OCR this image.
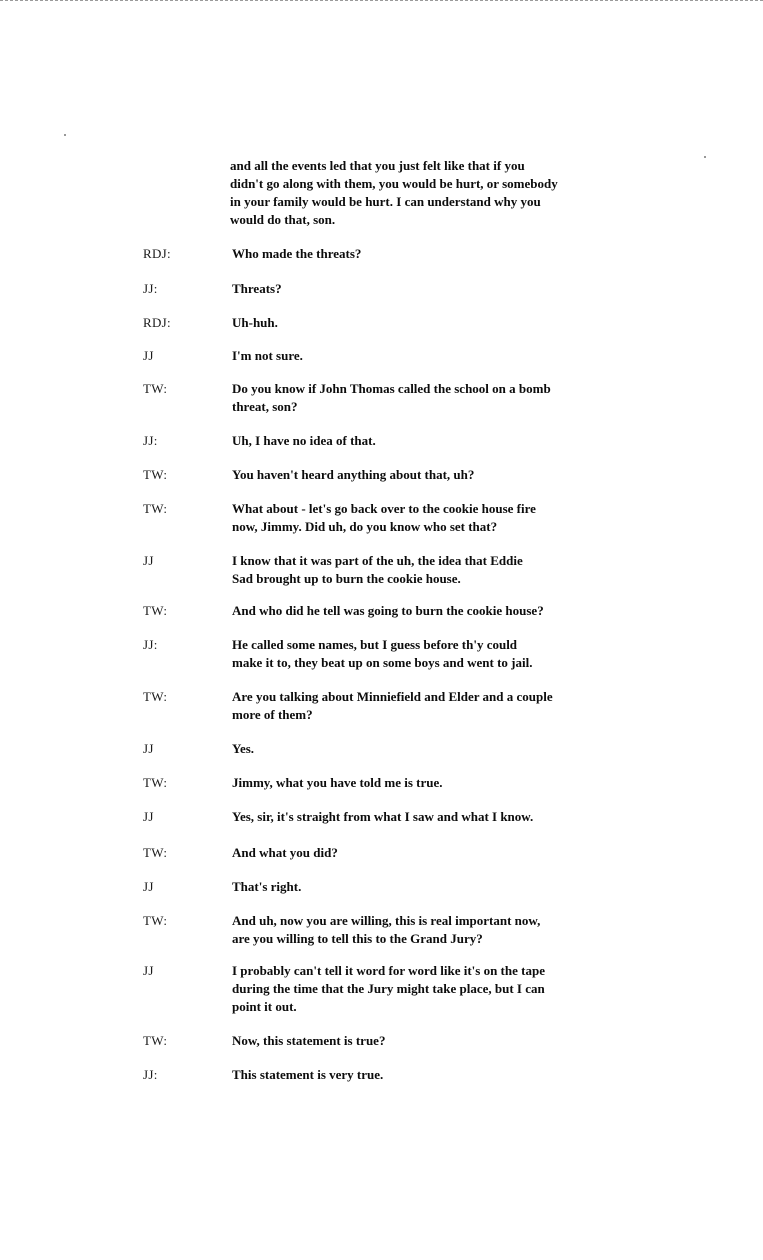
and all the events led that you just felt like that if you
didn't go along with them, you would be hurt, or somebody
in your family would be hurt. I can understand why you
would do that, son.

RDJ:	Who made the threats?

JJ:	Threats?

RDJ:	Uh-huh.

JJ	I'm not sure.

TW:	Do you know if John Thomas called the school on a bomb
threat, son?

JJ:	Uh, I have no idea of that.

TW:	You haven't heard anything about that, uh?

TW:	What about - let's go back over to the cookie house fire
now, Jimmy. Did uh, do you know who set that?

JJ	I know that it was part of the uh, the idea that Eddie
Sad brought up to burn the cookie house.

TW:	And who did he tell was going to burn the cookie house?

JJ:	He called some names, but I guess before th'y could
make it to, they beat up on some boys and went to jail.

TW:	Are you talking about Minniefield and Elder and a couple
more of them?

JJ	Yes.

TW:	Jimmy, what you have told me is true.

JJ	Yes, sir, it's straight from what I saw and what I know.

TW:	And what you did?

JJ	That's right.

TW:	And uh, now you are willing, this is real important now,
are you willing to tell this to the Grand Jury?

JJ	I probably can't tell it word for word like it's on the tape
during the time that the Jury might take place, but I can
point it out.

TW:	Now, this statement is true?

JJ:	This statement is very true.
